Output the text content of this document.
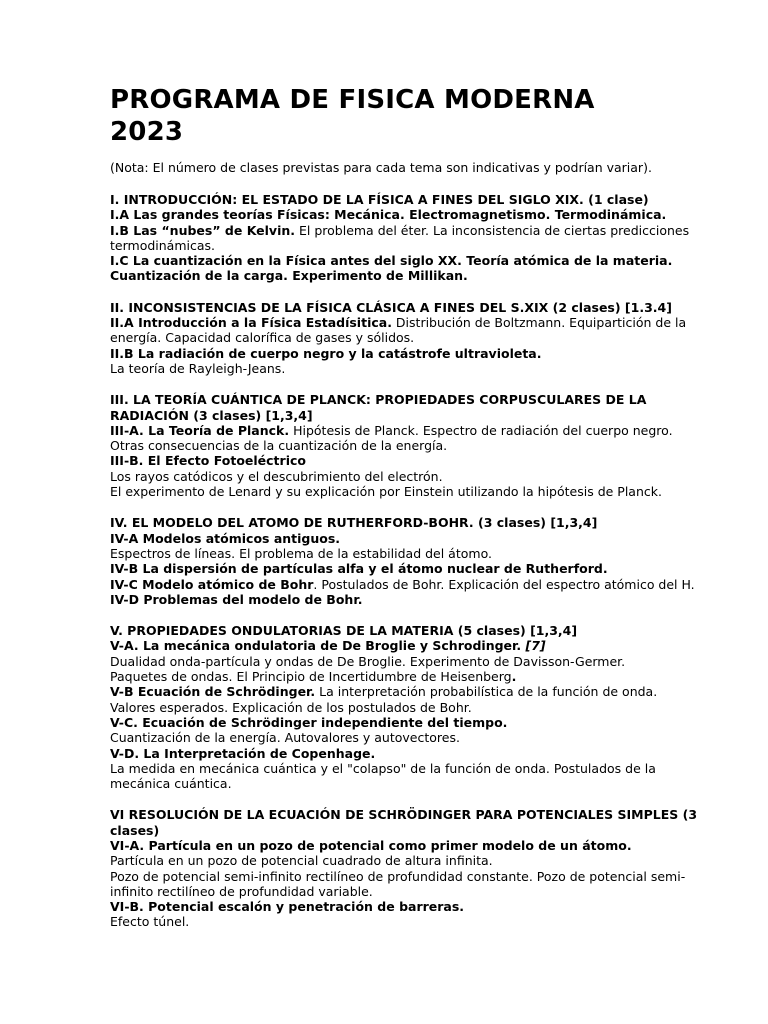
PROGRAMA DE FISICA MODERNA
2023
(Nota: El número de clases previstas para cada tema son indicativas y podrían variar).
I. INTRODUCCIÓN: EL ESTADO DE LA FÍSICA A FINES DEL SIGLO XIX. (1 clase)
I.A Las grandes teorías Físicas: Mecánica. Electromagnetismo. Termodinámica.
I.B Las “nubes” de Kelvin. El problema del éter. La inconsistencia de ciertas predicciones
termodinámicas.
I.C La cuantización en la Física antes del siglo XX. Teoría atómica de la materia.
Cuantización de la carga. Experimento de Millikan.
II. INCONSISTENCIAS DE LA FÍSICA CLÁSICA A FINES DEL S.XIX (2 clases) [1.3.4]
II.A Introducción a la Física Estadísitica. Distribución de Boltzmann. Equipartición de la
energía. Capacidad calorífica de gases y sólidos.
II.B La radiación de cuerpo negro y la catástrofe ultravioleta.
La teoría de Rayleigh-Jeans.
III. LA TEORÍA CUÁNTICA DE PLANCK: PROPIEDADES CORPUSCULARES DE LA
RADIACIÓN (3 clases) [1,3,4]
III-A. La Teoría de Planck. Hipótesis de Planck. Espectro de radiación del cuerpo negro.
Otras consecuencias de la cuantización de la energía.
III-B. El Efecto Fotoeléctrico
Los rayos catódicos y el descubrimiento del electrón.
El experimento de Lenard y su explicación por Einstein utilizando la hipótesis de Planck.
IV. EL MODELO DEL ATOMO DE RUTHERFORD-BOHR. (3 clases) [1,3,4]
IV-A Modelos atómicos antiguos.
Espectros de líneas. El problema de la estabilidad del átomo.
IV-B La dispersión de partículas alfa y el átomo nuclear de Rutherford.
IV-C Modelo atómico de Bohr. Postulados de Bohr. Explicación del espectro atómico del H.
IV-D Problemas del modelo de Bohr.
V. PROPIEDADES ONDULATORIAS DE LA MATERIA (5 clases) [1,3,4]
V-A. La mecánica ondulatoria de De Broglie y Schrodinger. [7]
Dualidad onda-partícula y ondas de De Broglie. Experimento de Davisson-Germer.
Paquetes de ondas. El Principio de Incertidumbre de Heisenberg.
V-B Ecuación de Schrödinger. La interpretación probabilística de la función de onda.
Valores esperados. Explicación de los postulados de Bohr.
V-C. Ecuación de Schrödinger independiente del tiempo.
Cuantización de la energía. Autovalores y autovectores.
V-D. La Interpretación de Copenhage.
La medida en mecánica cuántica y el "colapso" de la función de onda. Postulados de la
mecánica cuántica.
VI RESOLUCIÓN DE LA ECUACIÓN DE SCHRÖDINGER PARA POTENCIALES SIMPLES (3
clases)
VI-A. Partícula en un pozo de potencial como primer modelo de un átomo.
Partícula en un pozo de potencial cuadrado de altura infinita.
Pozo de potencial semi-infinito rectilíneo de profundidad constante. Pozo de potencial semi-
infinito rectilíneo de profundidad variable.
VI-B. Potencial escalón y penetración de barreras.
Efecto túnel.
